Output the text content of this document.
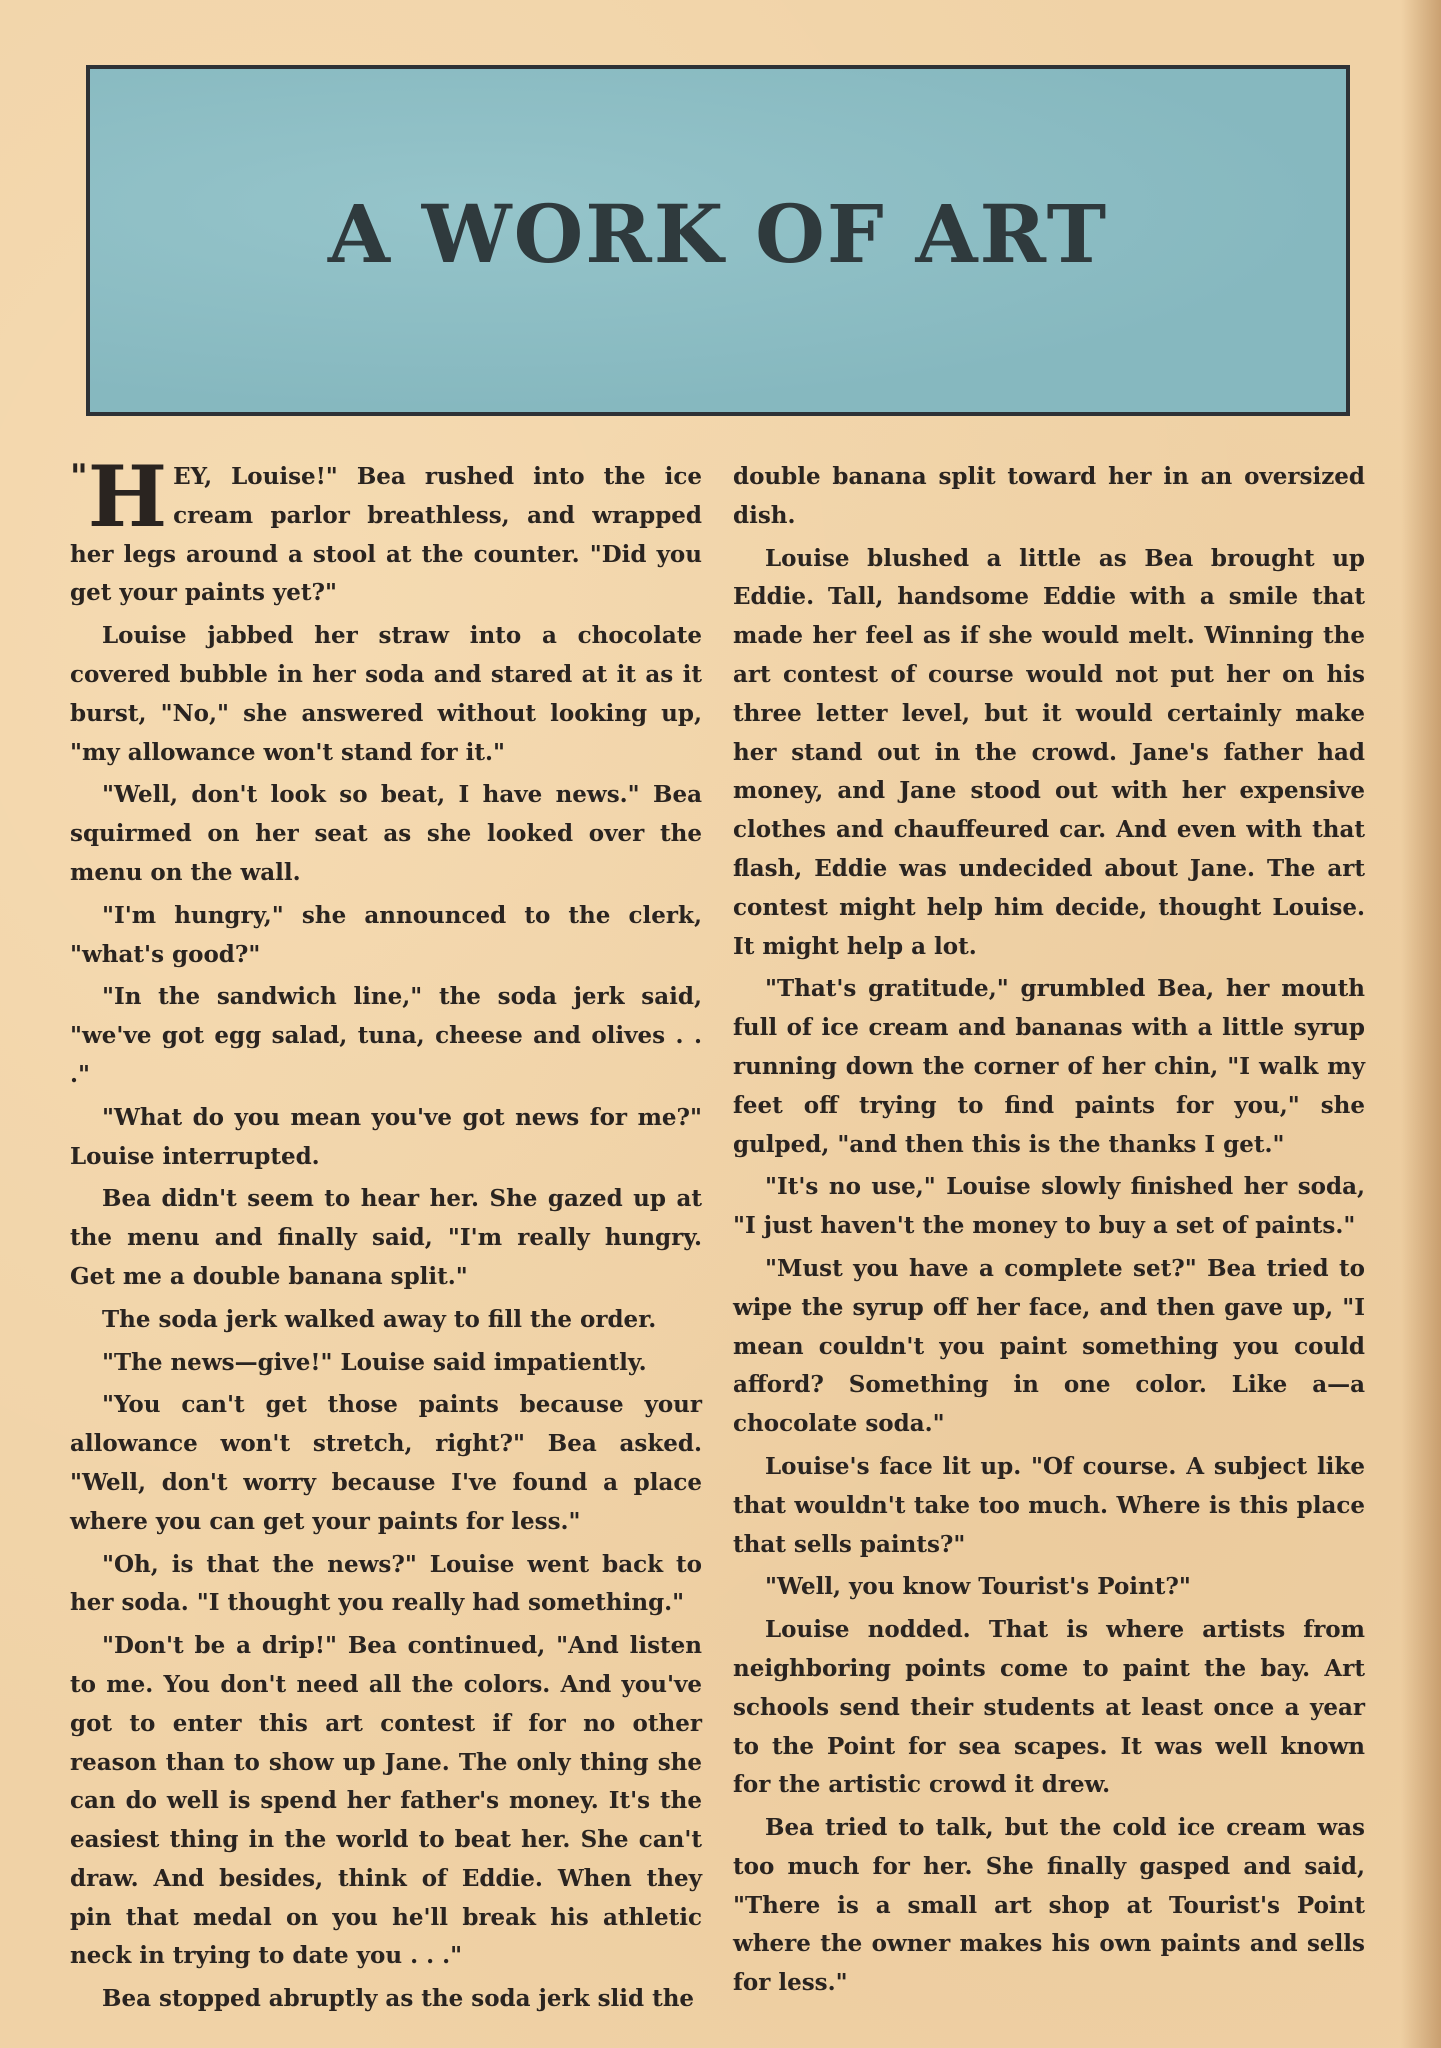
A WORK OF ART

" H EY, Louise!" Bea rushed into the ice cream parlor breathless, and wrapped her legs around a stool at the counter. "Did you get your paints yet?"

Louise jabbed her straw into a chocolate covered bubble in her soda and stared at it as it burst, "No," she answered without looking up, "my allowance won't stand for it."

"Well, don't look so beat, I have news." Bea squirmed on her seat as she looked over the menu on the wall.

"I'm hungry," she announced to the clerk, "what's good?"

"In the sandwich line," the soda jerk said, "we've got egg salad, tuna, cheese and olives . . ."

"What do you mean you've got news for me?" Louise interrupted.

Bea didn't seem to hear her. She gazed up at the menu and finally said, "I'm really hungry. Get me a double banana split."

The soda jerk walked away to fill the order.

"The news—give!" Louise said impatiently.

"You can't get those paints because your allowance won't stretch, right?" Bea asked. "Well, don't worry because I've found a place where you can get your paints for less."

"Oh, is that the news?" Louise went back to her soda. "I thought you really had something."

"Don't be a drip!" Bea continued, "And listen to me. You don't need all the colors. And you've got to enter this art contest if for no other reason than to show up Jane. The only thing she can do well is spend her father's money. It's the easiest thing in the world to beat her. She can't draw. And besides, think of Eddie. When they pin that medal on you he'll break his athletic neck in trying to date you . . ."

Bea stopped abruptly as the soda jerk slid the

double banana split toward her in an oversized dish.

Louise blushed a little as Bea brought up Eddie. Tall, handsome Eddie with a smile that made her feel as if she would melt. Winning the art contest of course would not put her on his three letter level, but it would certainly make her stand out in the crowd. Jane's father had money, and Jane stood out with her expensive clothes and chauffeured car. And even with that flash, Eddie was undecided about Jane. The art contest might help him decide, thought Louise. It might help a lot.

"That's gratitude," grumbled Bea, her mouth full of ice cream and bananas with a little syrup running down the corner of her chin, "I walk my feet off trying to find paints for you," she gulped, "and then this is the thanks I get."

"It's no use," Louise slowly finished her soda, "I just haven't the money to buy a set of paints."

"Must you have a complete set?" Bea tried to wipe the syrup off her face, and then gave up, "I mean couldn't you paint something you could afford? Something in one color. Like a—a chocolate soda."

Louise's face lit up. "Of course. A subject like that wouldn't take too much. Where is this place that sells paints?"

"Well, you know Tourist's Point?"

Louise nodded. That is where artists from neighboring points come to paint the bay. Art schools send their students at least once a year to the Point for sea scapes. It was well known for the artistic crowd it drew.

Bea tried to talk, but the cold ice cream was too much for her. She finally gasped and said, "There is a small art shop at Tourist's Point where the owner makes his own paints and sells for less."
